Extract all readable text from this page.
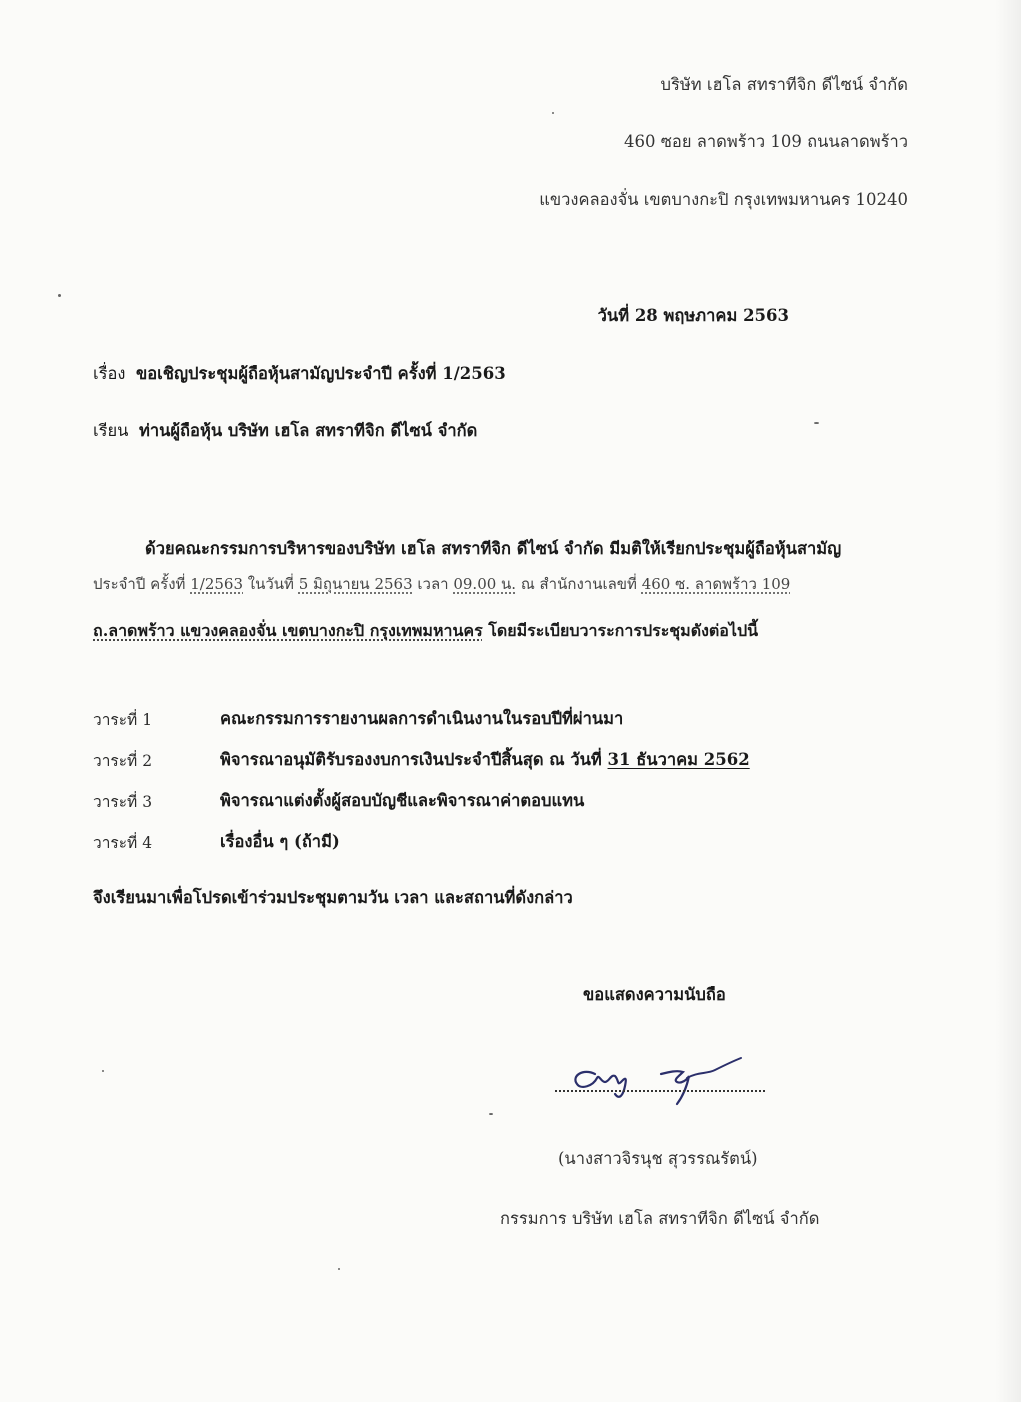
บริษัท เฮโล สทราทีจิก ดีไซน์ จำกัด
460 ซอย ลาดพร้าว 109 ถนนลาดพร้าว
แขวงคลองจั่น เขตบางกะปิ กรุงเทพมหานคร 10240
วันที่ 28 พฤษภาคม 2563
เรื่อง ขอเชิญประชุมผู้ถือหุ้นสามัญประจำปี ครั้งที่ 1/2563
เรียน ท่านผู้ถือหุ้น บริษัท เฮโล สทราทีจิก ดีไซน์ จำกัด
ด้วยคณะกรรมการบริหารของบริษัท เฮโล สทราทีจิก ดีไซน์ จำกัด มีมติให้เรียกประชุมผู้ถือหุ้นสามัญ
ประจำปี ครั้งที่ 1/2563 ในวันที่ 5 มิถุนายน 2563 เวลา 09.00 น. ณ สำนักงานเลขที่ 460 ซ. ลาดพร้าว 109
ถ.ลาดพร้าว แขวงคลองจั่น เขตบางกะปิ กรุงเทพมหานคร โดยมีระเบียบวาระการประชุมดังต่อไปนี้
วาระที่ 1	คณะกรรมการรายงานผลการดำเนินงานในรอบปีที่ผ่านมา
วาระที่ 2	พิจารณาอนุมัติรับรองงบการเงินประจำปีสิ้นสุด ณ วันที่ 31 ธันวาคม 2562
วาระที่ 3	พิจารณาแต่งตั้งผู้สอบบัญชีและพิจารณาค่าตอบแทน
วาระที่ 4	เรื่องอื่น ๆ (ถ้ามี)
จึงเรียนมาเพื่อโปรดเข้าร่วมประชุมตามวัน เวลา และสถานที่ดังกล่าว
ขอแสดงความนับถือ
(นางสาวจิรนุช สุวรรณรัตน์)
กรรมการ บริษัท เฮโล สทราทีจิก ดีไซน์ จำกัด
